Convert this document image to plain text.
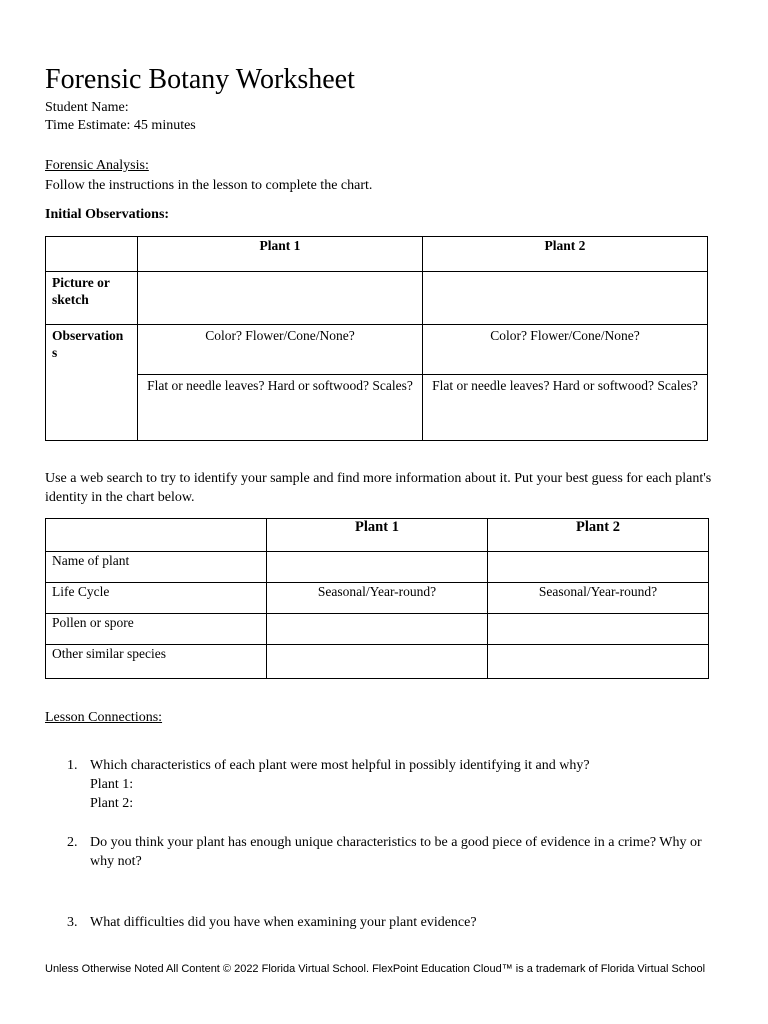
Forensic Botany Worksheet
Student Name:
Time Estimate: 45 minutes
Forensic Analysis:
Follow the instructions in the lesson to complete the chart.
Initial Observations:
	Plant 1	Plant 2
Picture or sketch		
Observation s	Color? Flower/Cone/None?	Color? Flower/Cone/None?
	Flat or needle leaves? Hard or softwood? Scales?	Flat or needle leaves? Hard or softwood? Scales?
Use a web search to try to identify your sample and find more information about it. Put your best guess for each plant's identity in the chart below.
	Plant 1	Plant 2
Name of plant		
Life Cycle	Seasonal/Year-round?	Seasonal/Year-round?
Pollen or spore		
Other similar species		
Lesson Connections:
1. Which characteristics of each plant were most helpful in possibly identifying it and why?
Plant 1:
Plant 2:
2. Do you think your plant has enough unique characteristics to be a good piece of evidence in a crime? Why or why not?
3. What difficulties did you have when examining your plant evidence?
Unless Otherwise Noted All Content © 2022 Florida Virtual School. FlexPoint Education Cloud™ is a trademark of Florida Virtual School
